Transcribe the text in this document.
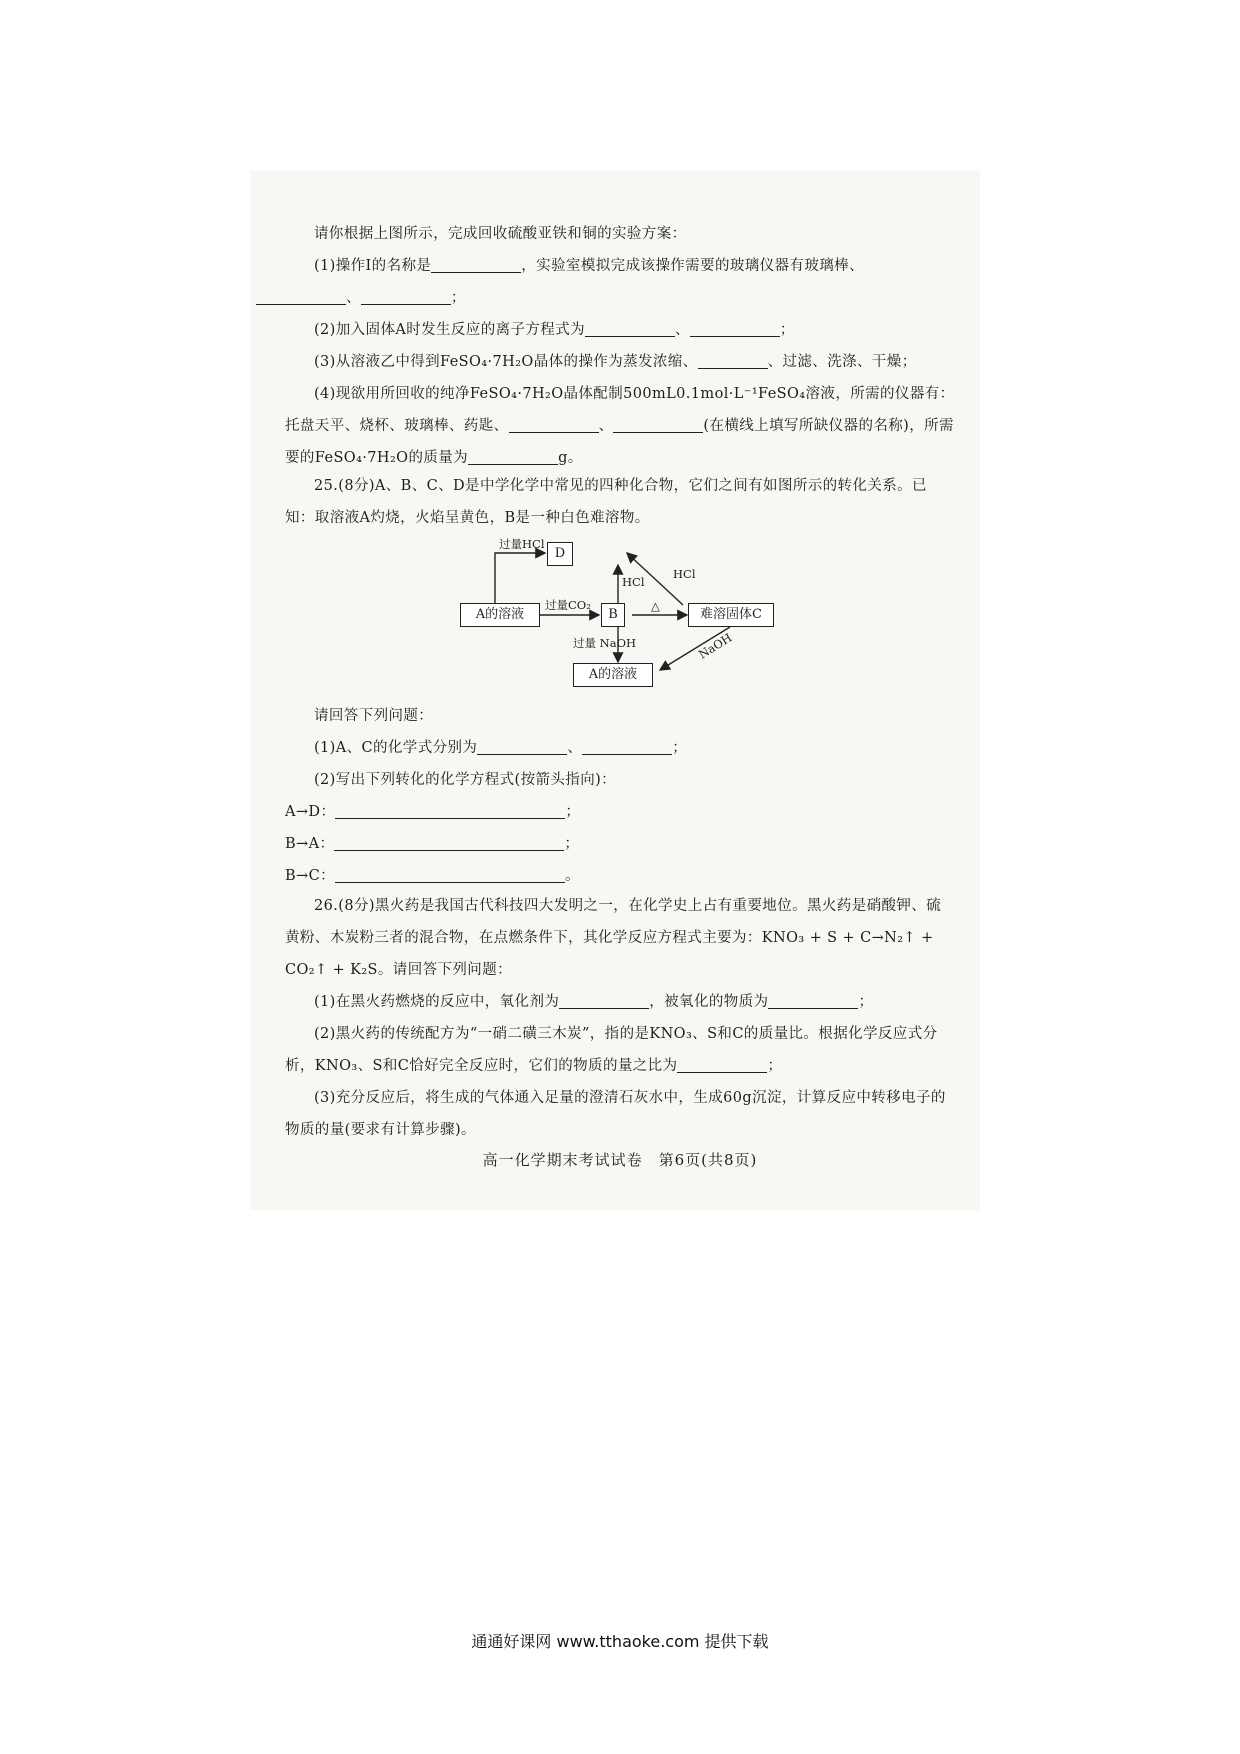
请你根据上图所示，完成回收硫酸亚铁和铜的实验方案：

(1)操作Ⅰ的名称是	，实验室模拟完成该操作需要的玻璃仪器有玻璃棒、
、	；

(2)加入固体A时发生反应的离子方程式为	、	；

(3)从溶液乙中得到FeSO₄·7H₂O晶体的操作为蒸发浓缩、	、过滤、洗涤、干燥；

(4)现欲用所回收的纯净FeSO₄·7H₂O晶体配制500mL0.1mol·L⁻¹FeSO₄溶液，所需的仪器有：托盘天平、烧杯、玻璃棒、药匙、	、	(在横线上填写所缺仪器的名称)，所需要的FeSO₄·7H₂O的质量为	g。

25.(8分)A、B、C、D是中学化学中常见的四种化合物，它们之间有如图所示的转化关系。已知：取溶液A灼烧，火焰呈黄色，B是一种白色难溶物。

D
A的溶液	B	难溶固体C
A的溶液
过量HCl
HCl
HCl
过量CO₂	△
过量 NaOH	NaOH

请回答下列问题：

(1)A、C的化学式分别为	、	；

(2)写出下列转化的化学方程式(按箭头指向)：

A→D：	；

B→A：	；

B→C：	。

26.(8分)黑火药是我国古代科技四大发明之一，在化学史上占有重要地位。黑火药是硝酸钾、硫黄粉、木炭粉三者的混合物，在点燃条件下，其化学反应方程式主要为：KNO₃ + S + C→N₂↑ + CO₂↑ + K₂S。请回答下列问题：

(1)在黑火药燃烧的反应中，氧化剂为	，被氧化的物质为	；

(2)黑火药的传统配方为“一硝二磺三木炭”，指的是KNO₃、S和C的质量比。根据化学反应式分析，KNO₃、S和C恰好完全反应时，它们的物质的量之比为	；

(3)充分反应后，将生成的气体通入足量的澄清石灰水中，生成60g沉淀，计算反应中转移电子的物质的量(要求有计算步骤)。

高一化学期末考试试卷　第6页(共8页)
通通好课网 www.tthaoke.com 提供下载
